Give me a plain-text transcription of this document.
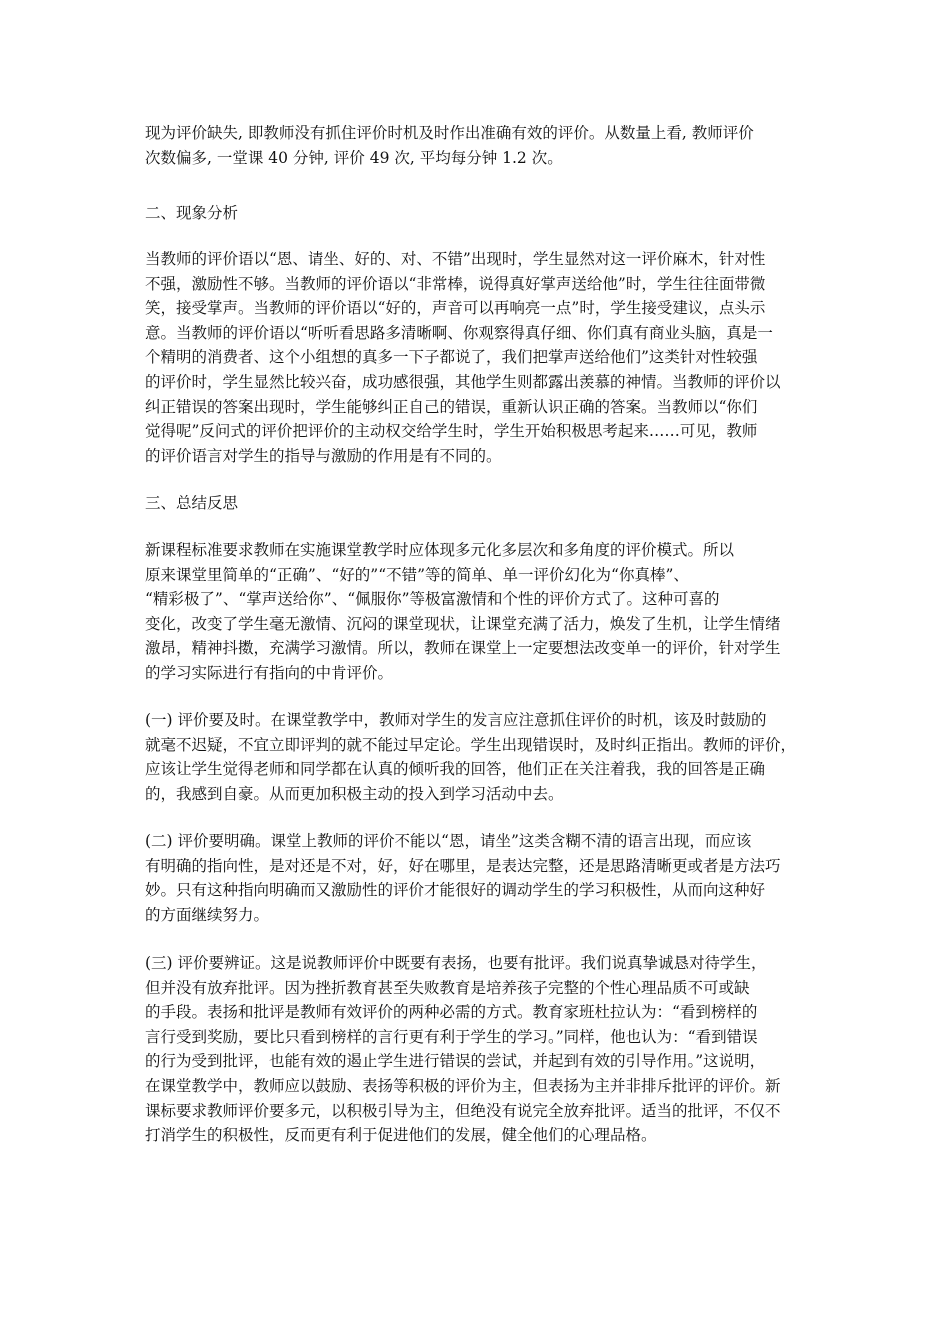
现为评价缺失, 即教师没有抓住评价时机及时作出准确有效的评价。从数量上看, 教师评价
次数偏多, 一堂课 40 分钟, 评价 49 次, 平均每分钟 1.2 次。
二、现象分析
当教师的评价语以“恩、请坐、好的、对、不错”出现时，学生显然对这一评价麻木，针对性
不强，激励性不够。当教师的评价语以“非常棒，说得真好掌声送给他”时，学生往往面带微
笑，接受掌声。当教师的评价语以“好的，声音可以再响亮一点”时，学生接受建议，点头示
意。当教师的评价语以“听听看思路多清晰啊、你观察得真仔细、你们真有商业头脑，真是一
个精明的消费者、这个小组想的真多一下子都说了，我们把掌声送给他们”这类针对性较强
的评价时，学生显然比较兴奋，成功感很强，其他学生则都露出羡慕的神情。当教师的评价以
纠正错误的答案出现时，学生能够纠正自己的错误，重新认识正确的答案。当教师以“你们
觉得呢”反问式的评价把评价的主动权交给学生时，学生开始积极思考起来……可见，教师
的评价语言对学生的指导与激励的作用是有不同的。
三、总结反思
新课程标准要求教师在实施课堂教学时应体现多元化多层次和多角度的评价模式。所以
原来课堂里简单的“正确”、“好的”“不错”等的简单、单一评价幻化为“你真棒”、
“精彩极了”、“掌声送给你”、“佩服你”等极富激情和个性的评价方式了。这种可喜的
变化，改变了学生毫无激情、沉闷的课堂现状，让课堂充满了活力，焕发了生机，让学生情绪
激昂，精神抖擞，充满学习激情。所以，教师在课堂上一定要想法改变单一的评价，针对学生
的学习实际进行有指向的中肯评价。
(一) 评价要及时。在课堂教学中，教师对学生的发言应注意抓住评价的时机，该及时鼓励的
就毫不迟疑，不宜立即评判的就不能过早定论。学生出现错误时，及时纠正指出。教师的评价，
应该让学生觉得老师和同学都在认真的倾听我的回答，他们正在关注着我，我的回答是正确
的，我感到自豪。从而更加积极主动的投入到学习活动中去。
(二) 评价要明确。课堂上教师的评价不能以“恩，请坐”这类含糊不清的语言出现，而应该
有明确的指向性，是对还是不对，好，好在哪里，是表达完整，还是思路清晰更或者是方法巧
妙。只有这种指向明确而又激励性的评价才能很好的调动学生的学习积极性，从而向这种好
的方面继续努力。
(三) 评价要辨证。这是说教师评价中既要有表扬，也要有批评。我们说真挚诚恳对待学生，
但并没有放弃批评。因为挫折教育甚至失败教育是培养孩子完整的个性心理品质不可或缺
的手段。表扬和批评是教师有效评价的两种必需的方式。教育家班杜拉认为：“看到榜样的
言行受到奖励，要比只看到榜样的言行更有利于学生的学习。”同样，他也认为：“看到错误
的行为受到批评，也能有效的遏止学生进行错误的尝试，并起到有效的引导作用。”这说明，
在课堂教学中，教师应以鼓励、表扬等积极的评价为主，但表扬为主并非排斥批评的评价。新
课标要求教师评价要多元，以积极引导为主，但绝没有说完全放弃批评。适当的批评，不仅不
打消学生的积极性，反而更有利于促进他们的发展，健全他们的心理品格。
